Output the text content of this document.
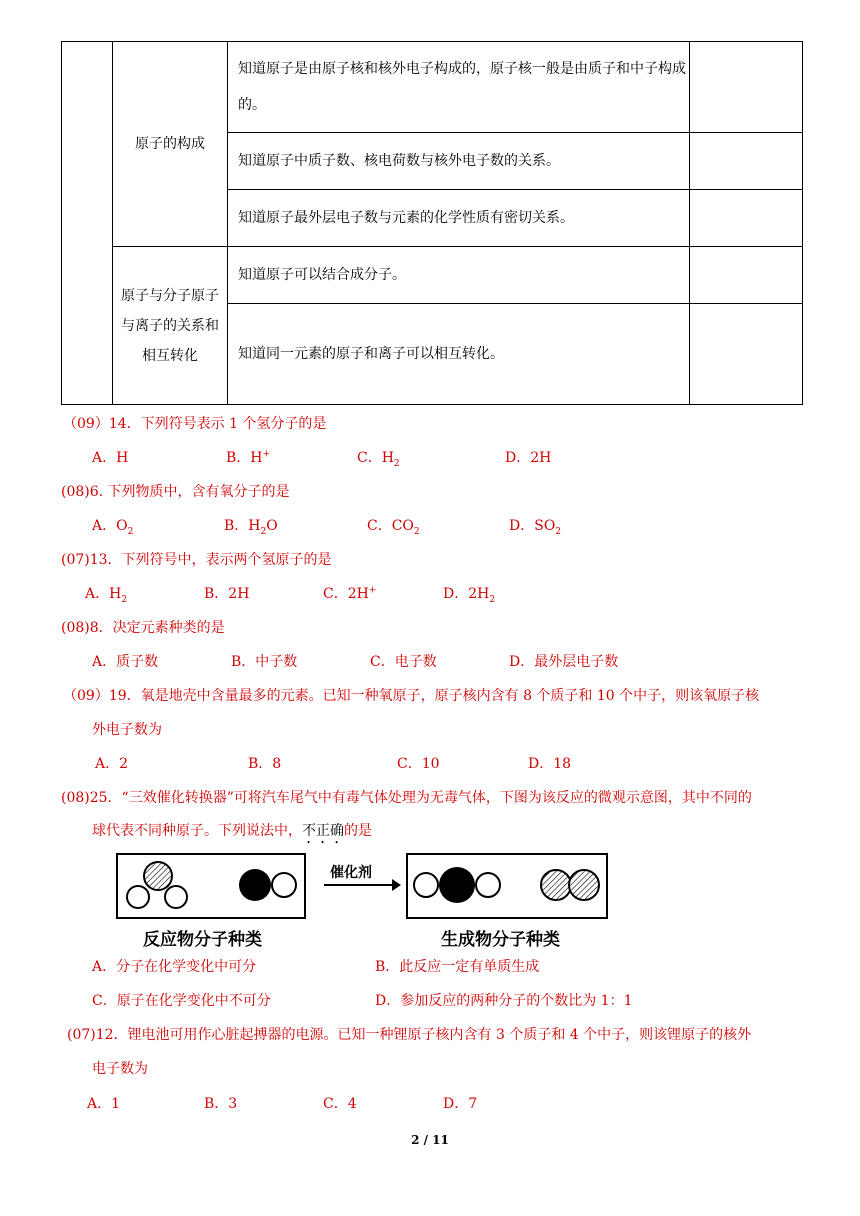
	原子的构成	知道原子是由原子核和核外电子构成的，原子核一般是由质子和中子构成的。	
		知道原子中质子数、核电荷数与核外电子数的关系。	
		知道原子最外层电子数与元素的化学性质有密切关系。	
	原子与分子原子与离子的关系和相互转化	知道原子可以结合成分子。	
		知道同一元素的原子和离子可以相互转化。	
（09）14．下列符号表示 1 个氢分子的是
A．H	B．H+	C．$H_2$	D．2H
(08)6. 下列物质中，含有氧分子的是
A．$O_2$	B．$H_2O$	C．$CO_2$	D．$SO_2$
(07)13．下列符号中，表示两个氢原子的是
A．$H_2$	B．2H	C．2H+	D．$2H_2$
(08)8．决定元素种类的是
A．质子数	B．中子数	C．电子数	D．最外层电子数
（09）19．氧是地壳中含量最多的元素。已知一种氧原子，原子核内含有 8 个质子和 10 个中子，则该氧原子核
外电子数为
A．2	B．8	C．10	D．18
(08)25．“三效催化转换器”可将汽车尾气中有毒气体处理为无毒气体，下图为该反应的微观示意图，其中不同的
球代表不同种原子。下列说法中，不正确的是
催化剂
反应物分子种类	生成物分子种类
A．分子在化学变化中可分	B．此反应一定有单质生成
C．原子在化学变化中不可分	D．参加反应的两种分子的个数比为 1：1
(07)12．锂电池可用作心脏起搏器的电源。已知一种锂原子核内含有 3 个质子和 4 个中子，则该锂原子的核外
电子数为
A．1	B．3	C．4	D．7
2 / 11
